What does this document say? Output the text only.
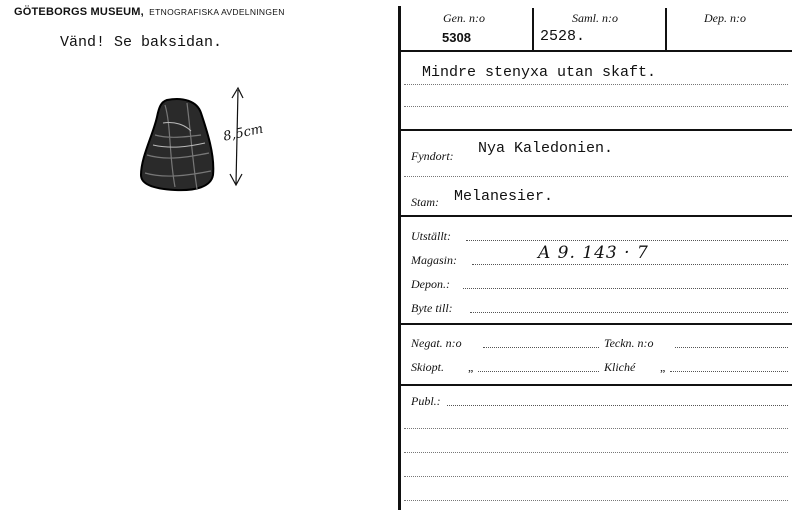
GÖTEBORGS MUSEUM, ETNOGRAFISKA AVDELNINGEN
Vänd! Se baksidan.
8,5cm
Gen. n:o
5308
Saml. n:o
2528.
Dep. n:o
Mindre stenyxa utan skaft.
Fyndort: Nya Kaledonien.
Stam: Melanesier.
Utställt:
Magasin:	A 9. 143 · 7
Depon.:
Byte till:
Negat. n:o	Teckn. n:o
Skiopt. „	Kliché „
Publ.:
